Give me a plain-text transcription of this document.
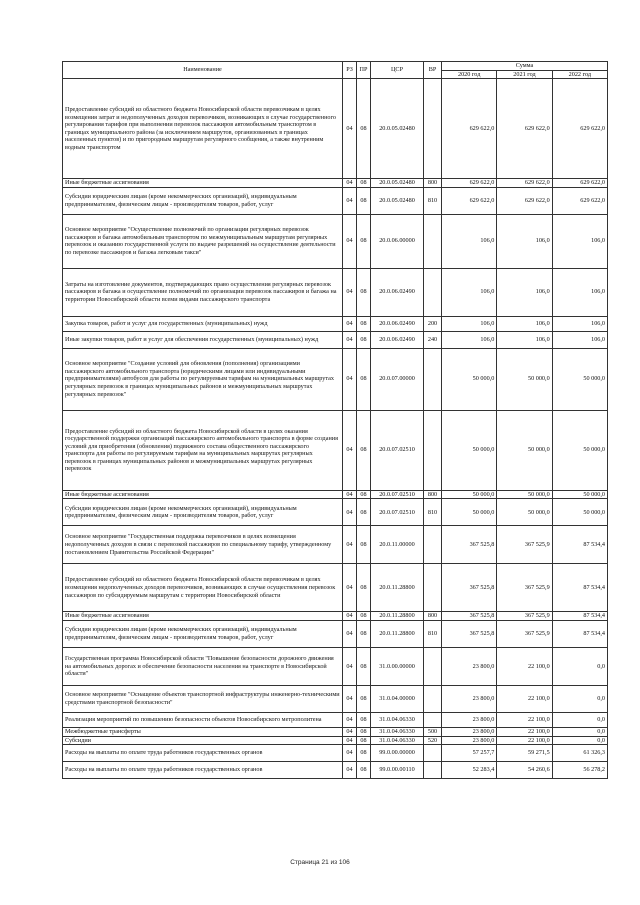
Наименование	РЗ	ПР	ЦСР	ВР	Сумма		
					2020 год	2021 год	2022 год
Предоставление субсидий из областного бюджета Новосибирской области перевозчикам в целях возмещения затрат и недополученных доходов перевозчиков, возникающих в случае государственного регулирования тарифов при выполнении перевозок пассажиров автомобильным транспортом в границах муниципального района (за исключением маршрутов, организованных в границах населенных пунктов) и по пригородным маршрутам регулярного сообщения, а также внутренним водным транспортом	04	08	20.0.05.02480		629 622,0	629 622,0	629 622,0
Иные бюджетные ассигнования	04	08	20.0.05.02480	800	629 622,0	629 622,0	629 622,0
Субсидии юридическим лицам (кроме некоммерческих организаций), индивидуальным предпринимателям, физическим лицам - производителям товаров, работ, услуг	04	08	20.0.05.02480	810	629 622,0	629 622,0	629 622,0
Основное мероприятие "Осуществление полномочий по организации регулярных перевозок пассажиров и багажа автомобильным транспортом по межмуниципальным маршрутам регулярных перевозок и оказанию государственной услуги по выдаче разрешений на осуществление деятельности по перевозке пассажиров и багажа легковым такси"	04	08	20.0.06.00000		106,0	106,0	106,0
Затраты на изготовление документов, подтверждающих право осуществления регулярных перевозок пассажиров и багажа и осуществление полномочий по организации перевозок пассажиров и багажа на территории Новосибирской области всеми видами пассажирского транспорта	04	08	20.0.06.02490		106,0	106,0	106,0
Закупка товаров, работ и услуг для государственных (муниципальных) нужд	04	08	20.0.06.02490	200	106,0	106,0	106,0
Иные закупки товаров, работ и услуг для обеспечения государственных (муниципальных) нужд	04	08	20.0.06.02490	240	106,0	106,0	106,0
Основное мероприятие "Создание условий для обновления (пополнения) организациями пассажирского автомобильного транспорта (юридическими лицами или индивидуальными предпринимателями) автобусов для работы по регулируемым тарифам на муниципальных маршрутах регулярных перевозок в границах муниципальных районов и межмуниципальных маршрутах регулярных перевозок"	04	08	20.0.07.00000		50 000,0	50 000,0	50 000,0
Предоставление субсидий из областного бюджета Новосибирской области в целях оказания государственной поддержки организаций пассажирского автомобильного транспорта в форме создания условий для приобретения (обновления) подвижного состава общественного пассажирского транспорта для работы по регулируемым тарифам на муниципальных маршрутах регулярных перевозок в границах муниципальных районов и межмуниципальных маршрутах регулярных перевозок	04	08	20.0.07.02510		50 000,0	50 000,0	50 000,0
Иные бюджетные ассигнования	04	08	20.0.07.02510	800	50 000,0	50 000,0	50 000,0
Субсидии юридическим лицам (кроме некоммерческих организаций), индивидуальным предпринимателям, физическим лицам - производителям товаров, работ, услуг	04	08	20.0.07.02510	810	50 000,0	50 000,0	50 000,0
Основное мероприятие "Государственная поддержка перевозчиков в целях возмещения недополученных доходов в связи с перевозкой пассажиров по специальному тарифу, утвержденному постановлением Правительства Российской Федерации"	04	08	20.0.11.00000		367 525,8	367 525,9	87 534,4
Предоставление субсидий из областного бюджета Новосибирской области перевозчикам в целях возмещения недополученных доходов перевозчиков, возникающих в случае осуществления перевозок пассажиров по субсидируемым маршрутам с территории Новосибирской области	04	08	20.0.11.28800		367 525,8	367 525,9	87 534,4
Иные бюджетные ассигнования	04	08	20.0.11.28800	800	367 525,8	367 525,9	87 534,4
Субсидии юридическим лицам (кроме некоммерческих организаций), индивидуальным предпринимателям, физическим лицам - производителям товаров, работ, услуг	04	08	20.0.11.28800	810	367 525,8	367 525,9	87 534,4
Государственная программа Новосибирской области "Повышение безопасности дорожного движения на автомобильных дорогах и обеспечение безопасности населения на транспорте в Новосибирской области"	04	08	31.0.00.00000		23 800,0	22 100,0	0,0
Основное мероприятие "Оснащение объектов транспортной инфраструктуры инженерно-техническими средствами транспортной безопасности"	04	08	31.0.04.00000		23 800,0	22 100,0	0,0
Реализация мероприятий по повышению безопасности объектов Новосибирского метрополитена	04	08	31.0.04.06330		23 800,0	22 100,0	0,0
Межбюджетные трансферты	04	08	31.0.04.06330	500	23 800,0	22 100,0	0,0
Субсидии	04	08	31.0.04.06330	520	23 800,0	22 100,0	0,0
Расходы на выплаты по оплате труда работников государственных органов	04	08	99.0.00.00000		57 257,7	59 271,5	61 326,3
Расходы на выплаты по оплате труда работников государственных органов	04	08	99.0.00.00110		52 283,4	54 260,6	56 278,2
Страница 21 из 106
